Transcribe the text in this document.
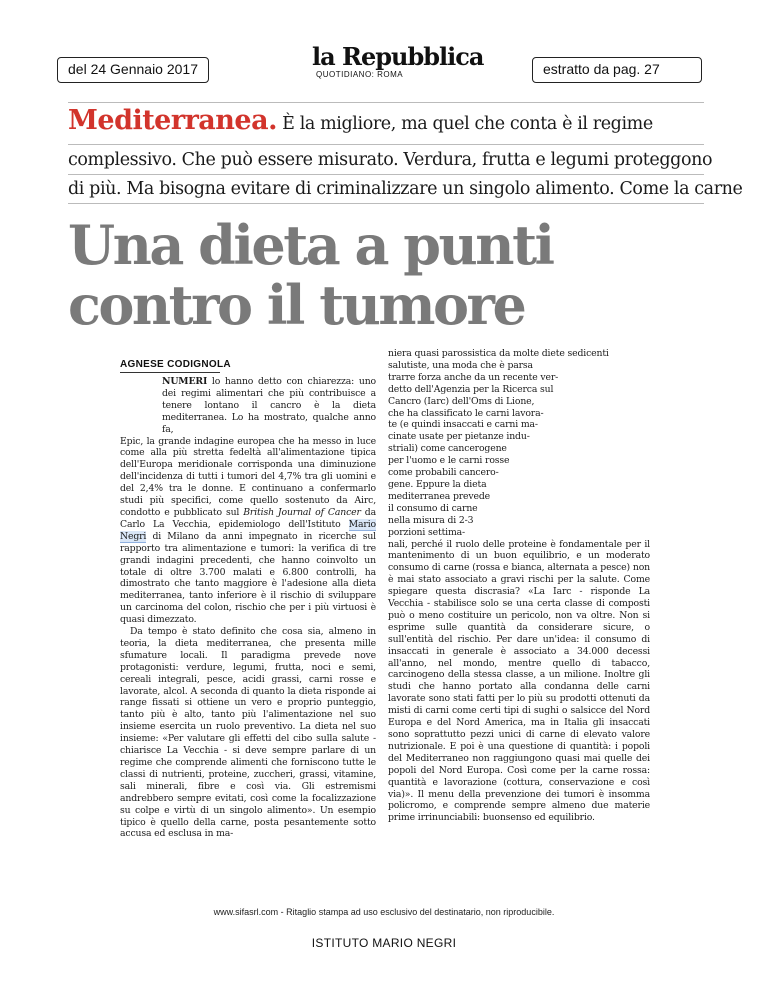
del 24 Gennaio 2017	la Repubblica
QUOTIDIANO: ROMA	estratto da pag. 27
Mediterranea. È la migliore, ma quel che conta è il regime
complessivo. Che può essere misurato. Verdura, frutta e legumi proteggono
di più. Ma bisogna evitare di criminalizzare un singolo alimento. Come la carne
Una dieta a punti
contro il tumore
AGNESE CODIGNOLA

NUMERI lo hanno detto con chiarezza: uno dei regimi alimentari che più contribuisce a tenere lontano il cancro è la dieta mediterranea. Lo ha mostrato, qualche anno fa,
Epic, la grande indagine europea che ha messo in luce come alla più stretta fedeltà all'alimentazione tipica dell'Europa meridionale corrisponda una diminuzione dell'incidenza di tutti i tumori del 4,7% tra gli uomini e del 2,4% tra le donne. E continuano a confermarlo studi più specifici, come quello sostenuto da Airc, condotto e pubblicato sul British Journal of Cancer da Carlo La Vecchia, epidemiologo dell'Istituto Mario Negri di Milano da anni impegnato in ricerche sul rapporto tra alimentazione e tumori: la verifica di tre grandi indagini precedenti, che hanno coinvolto un totale di oltre 3.700 malati e 6.800 controlli, ha dimostrato che tanto maggiore è l'adesione alla dieta mediterranea, tanto inferiore è il rischio di sviluppare un carcinoma del colon, rischio che per i più virtuosi è quasi dimezzato.

Da tempo è stato definito che cosa sia, almeno in teoria, la dieta mediterranea, che presenta mille sfumature locali. Il paradigma prevede nove protagonisti: verdure, legumi, frutta, noci e semi, cereali integrali, pesce, acidi grassi, carni rosse e lavorate, alcol. A seconda di quanto la dieta risponde ai range fissati si ottiene un vero e proprio punteggio, tanto più è alto, tanto più l'alimentazione nel suo insieme esercita un ruolo preventivo. La dieta nel suo insieme: «Per valutare gli effetti del cibo sulla salute - chiarisce La Vecchia - si deve sempre parlare di un regime che comprende alimenti che forniscono tutte le classi di nutrienti, proteine, zuccheri, grassi, vitamine, sali minerali, fibre e così via. Gli estremismi andrebbero sempre evitati, così come la focalizzazione su colpe e virtù di un singolo alimento». Un esempio tipico è quello della carne, posta pesantemente sotto accusa ed esclusa in ma-

niera quasi parossistica da molte diete sedicenti salutiste, una moda che è parsa

trarre forza anche da un recente ver-
detto dell'Agenzia per la Ricerca sul
Cancro (Iarc) dell'Oms di Lione,
che ha classificato le carni lavora-
te (e quindi insaccati e carni ma-
cinate usate per pietanze indu-
striali) come cancerogene
per l'uomo e le carni rosse
come probabili cancero-
gene. Eppure la dieta
mediterranea prevede
il consumo di carne
nella misura di 2-3
porzioni settima-

nali, perché il ruolo delle proteine è fondamentale per il mantenimento di un buon equilibrio, e un moderato consumo di carne (rossa e bianca, alternata a pesce) non è mai stato associato a gravi rischi per la salute. Come spiegare questa discrasia? «La Iarc - risponde La Vecchia - stabilisce solo se una certa classe di composti può o meno costituire un pericolo, non va oltre. Non si esprime sulle quantità da considerare sicure, o sull'entità del rischio. Per dare un'idea: il consumo di insaccati in generale è associato a 34.000 decessi all'anno, nel mondo, mentre quello di tabacco, carcinogeno della stessa classe, a un milione. Inoltre gli studi che hanno portato alla condanna delle carni lavorate sono stati fatti per lo più su prodotti ottenuti da misti di carni come certi tipi di sughi o salsicce del Nord Europa e del Nord America, ma in Italia gli insaccati sono soprattutto pezzi unici di carne di elevato valore nutrizionale. E poi è una questione di quantità: i popoli del Mediterraneo non raggiungono quasi mai quelle dei popoli del Nord Europa. Così come per la carne rossa: quantità e lavorazione (cottura, conservazione e così via)». Il menu della prevenzione dei tumori è insomma policromo, e comprende sempre almeno due materie prime irrinunciabili: buonsenso ed equilibrio.

www.sifasrl.com - Ritaglio stampa ad uso esclusivo del destinatario, non riproducibile.
ISTITUTO MARIO NEGRI
